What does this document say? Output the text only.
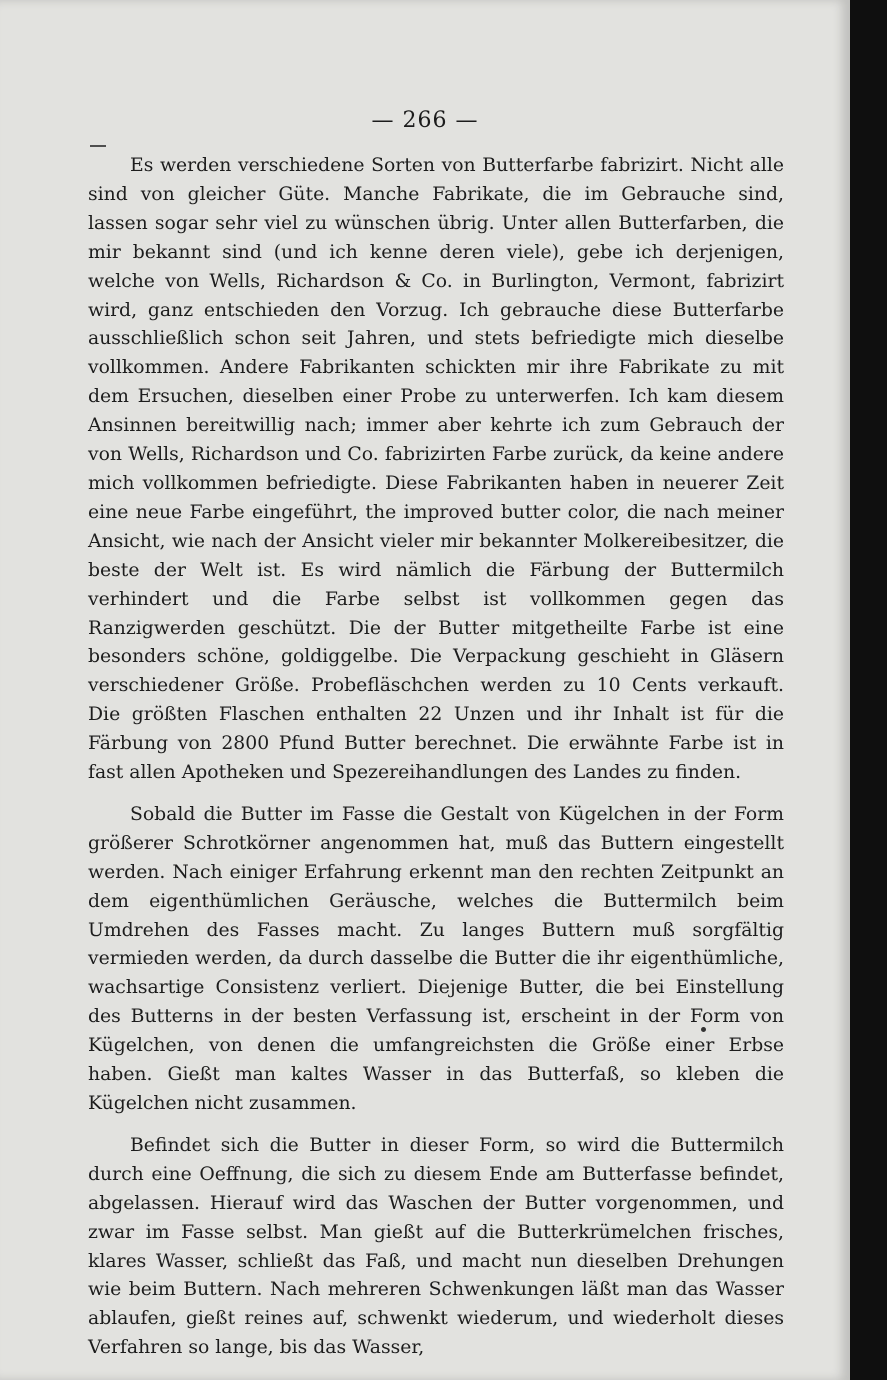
— 266 —

Es werden verschiedene Sorten von Butterfarbe fabrizirt. Nicht alle sind von gleicher Güte. Manche Fabrikate, die im Gebrauche sind, lassen sogar sehr viel zu wünschen übrig. Unter allen Butterfarben, die mir bekannt sind (und ich kenne deren viele), gebe ich derjenigen, welche von Wells, Richardson & Co. in Burlington, Vermont, fabrizirt wird, ganz entschieden den Vorzug. Ich gebrauche diese Butterfarbe ausschließlich schon seit Jahren, und stets befriedigte mich dieselbe vollkommen. Andere Fabrikanten schickten mir ihre Fabrikate zu mit dem Ersuchen, dieselben einer Probe zu unterwerfen. Ich kam diesem Ansinnen bereitwillig nach; immer aber kehrte ich zum Gebrauch der von Wells, Richardson und Co. fabrizirten Farbe zurück, da keine andere mich vollkommen befriedigte. Diese Fabrikanten haben in neuerer Zeit eine neue Farbe eingeführt, the improved butter color, die nach meiner Ansicht, wie nach der Ansicht vieler mir bekannter Molkereibesitzer, die beste der Welt ist. Es wird nämlich die Färbung der Buttermilch verhindert und die Farbe selbst ist vollkommen gegen das Ranzigwerden geschützt. Die der Butter mitgetheilte Farbe ist eine besonders schöne, goldiggelbe. Die Verpackung geschieht in Gläsern verschiedener Größe. Probefläschchen werden zu 10 Cents verkauft. Die größten Flaschen enthalten 22 Unzen und ihr Inhalt ist für die Färbung von 2800 Pfund Butter berechnet. Die erwähnte Farbe ist in fast allen Apotheken und Spezereihandlungen des Landes zu finden.

Sobald die Butter im Fasse die Gestalt von Kügelchen in der Form größerer Schrotkörner angenommen hat, muß das Buttern eingestellt werden. Nach einiger Erfahrung erkennt man den rechten Zeitpunkt an dem eigenthümlichen Geräusche, welches die Buttermilch beim Umdrehen des Fasses macht. Zu langes Buttern muß sorgfältig vermieden werden, da durch dasselbe die Butter die ihr eigenthümliche, wachsartige Consistenz verliert. Diejenige Butter, die bei Einstellung des Butterns in der besten Verfassung ist, erscheint in der Form von Kügelchen, von denen die umfangreichsten die Größe einer Erbse haben. Gießt man kaltes Wasser in das Butterfaß, so kleben die Kügelchen nicht zusammen.

Befindet sich die Butter in dieser Form, so wird die Buttermilch durch eine Oeffnung, die sich zu diesem Ende am Butterfasse befindet, abgelassen. Hierauf wird das Waschen der Butter vorgenommen, und zwar im Fasse selbst. Man gießt auf die Butterkrümelchen frisches, klares Wasser, schließt das Faß, und macht nun dieselben Drehungen wie beim Buttern. Nach mehreren Schwenkungen läßt man das Wasser ablaufen, gießt reines auf, schwenkt wiederum, und wiederholt dieses Verfahren so lange, bis das Wasser,
